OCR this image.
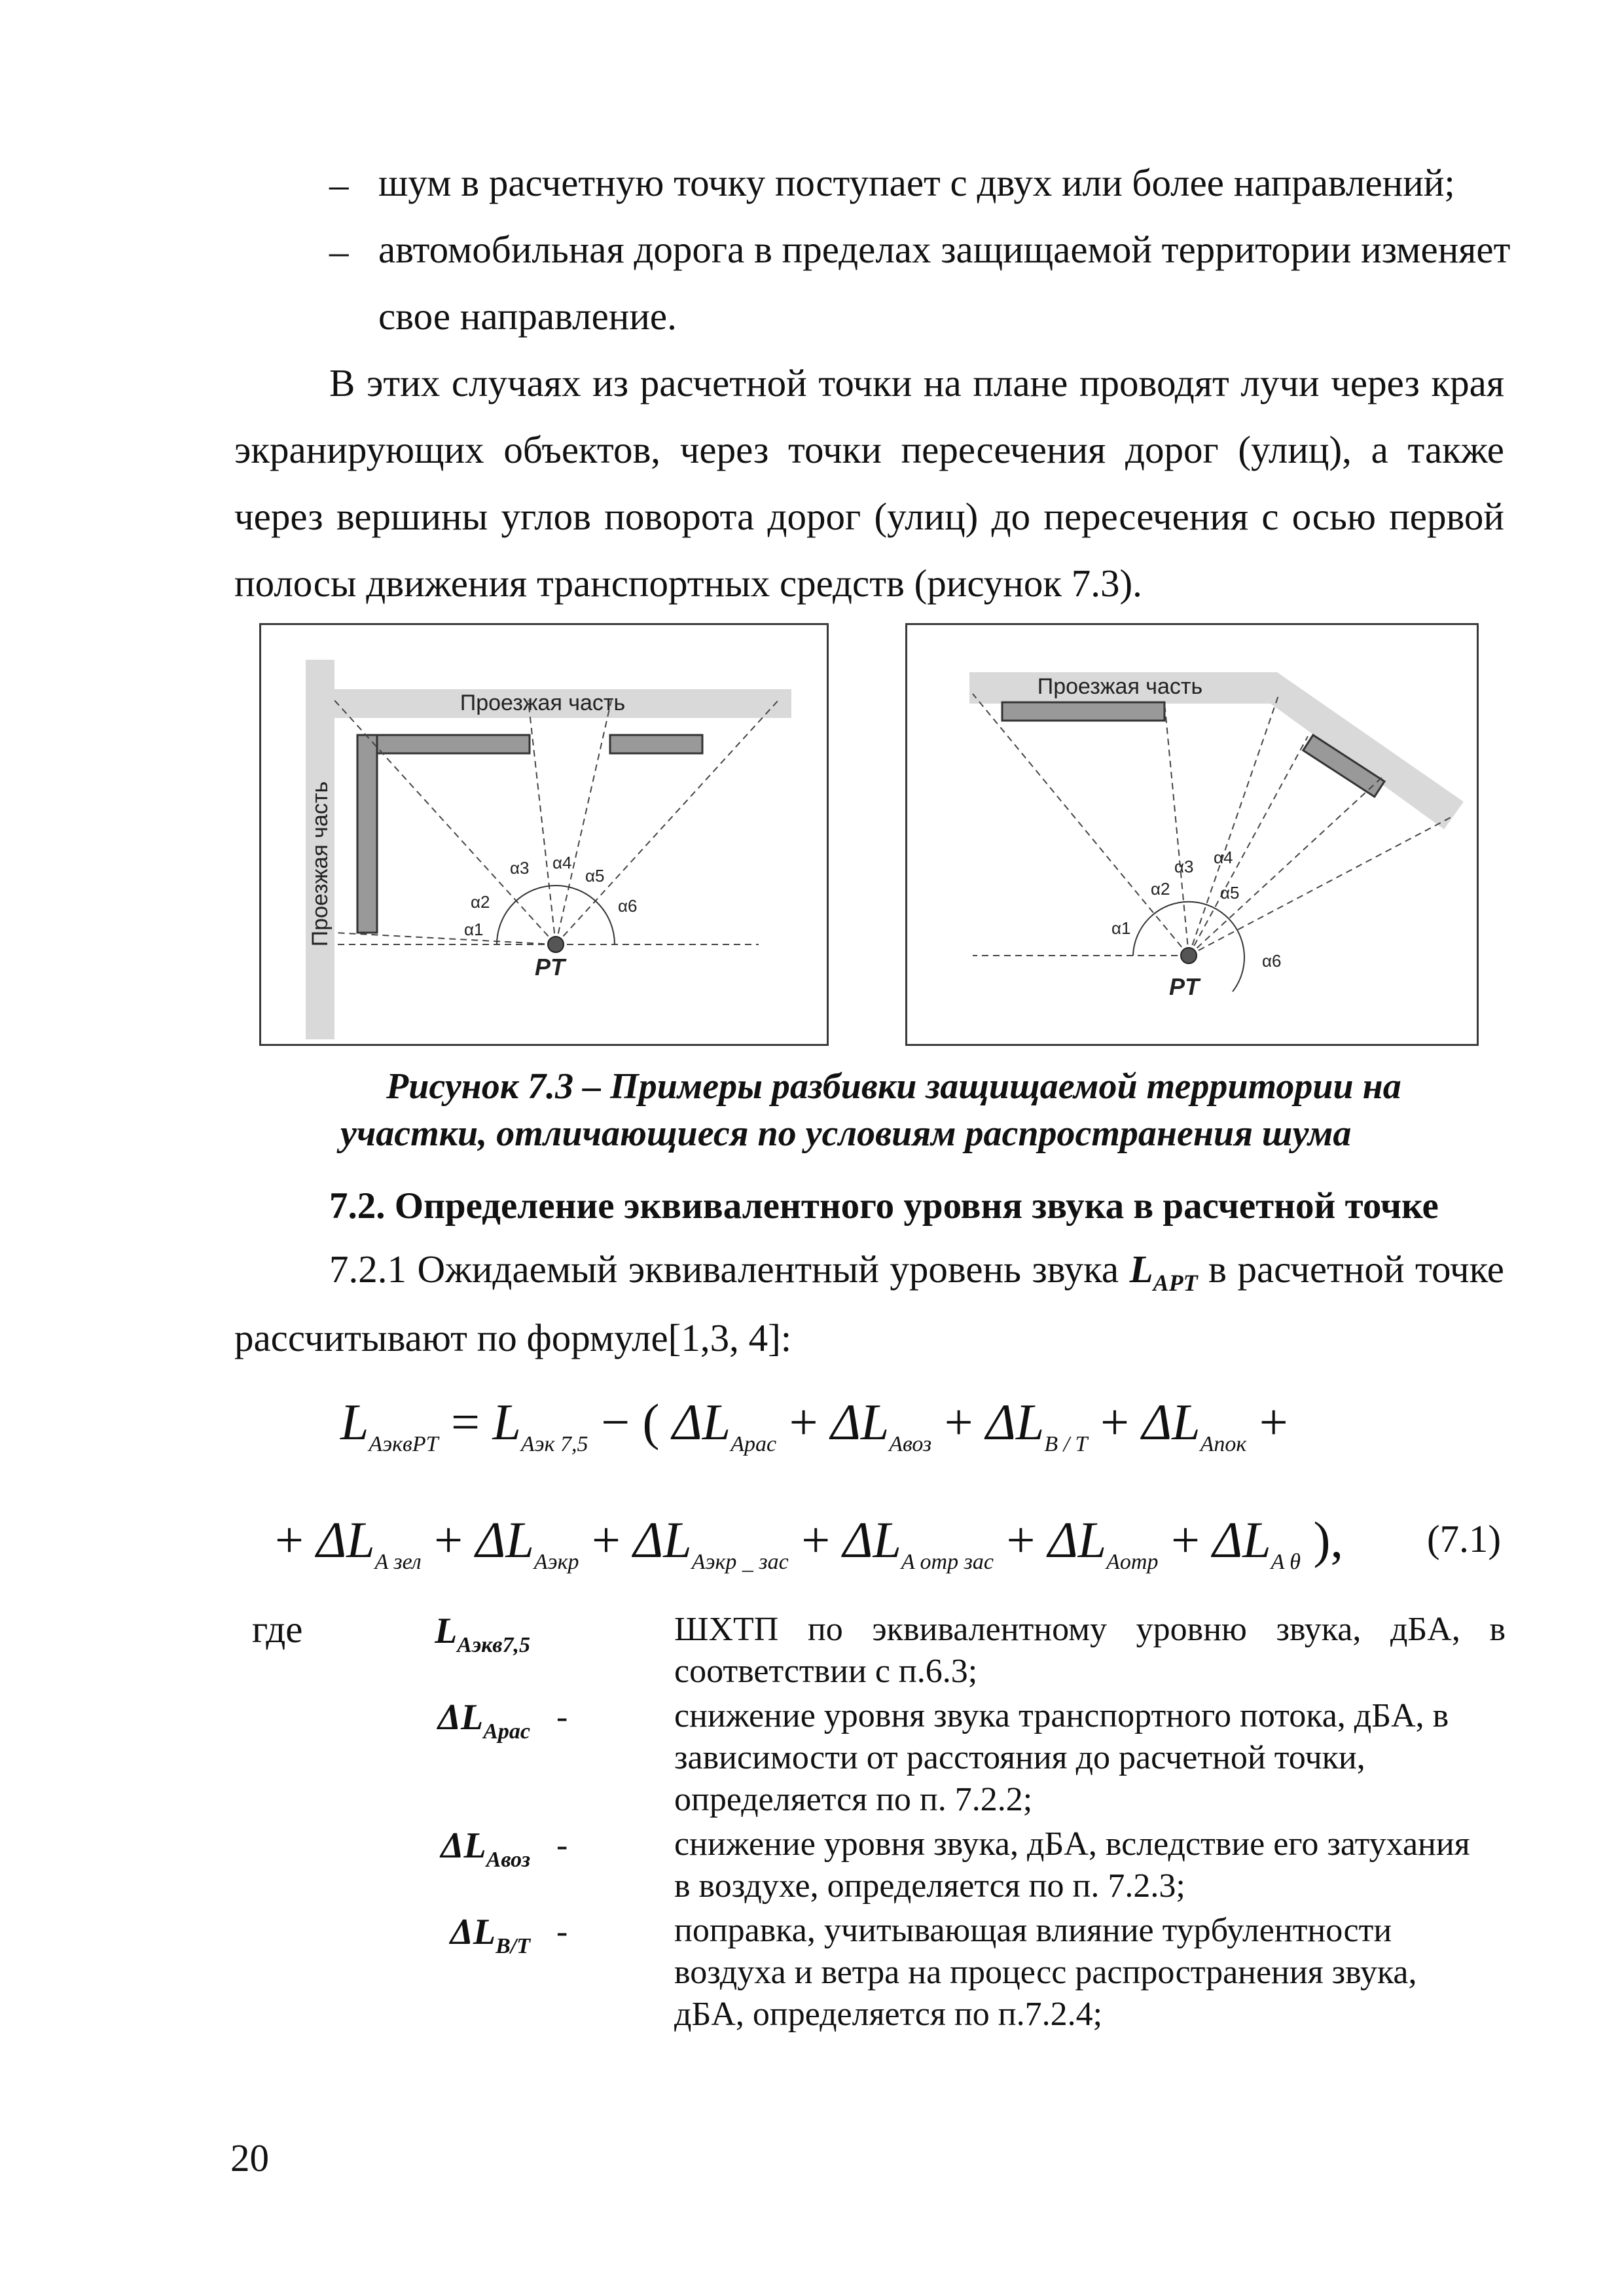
– шум в расчетную точку поступает с двух или более направлений;
– автомобильная дорога в пределах защищаемой территории изменяет
свое направление.
В этих случаях из расчетной точки на плане проводят лучи через края
экранирующих объектов, через точки пересечения дорог (улиц), а также
через вершины углов поворота дорог (улиц) до пересечения с осью первой
полосы движения транспортных средств (рисунок 7.3).
Проезжая часть
Проезжая часть
PT
α1
α2
α3 α4
α5
α6
Проезжая часть
PT
α1
α2
α3 α4
α5
α6
Рисунок 7.3 – Примеры разбивки защищаемой территории на
участки, отличающиеся по условиям распространения шума
7.2. Определение эквивалентного уровня звука в расчетной точке
7.2.1 Ожидаемый эквивалентный уровень звука $L_{APT}$ в расчетной точке
рассчитывают по формуле[1,3, 4]:
$L_{AэквPT} = L_{Aэк 7,5}$ − ( $\Delta L_{Aрас} + \Delta L_{Aвоз} + \Delta L_{B / T} + \Delta L_{Aпок}$ +
+ $\Delta L_{A зел} + \Delta L_{Aэкр} + \Delta L_{Aэкр \_ зас} + \Delta L_{A отр зас} + \Delta L_{Aотр} + \Delta L_{A \theta}$ ), (7.1)
где	$L_{Aэкв7,5}$	ШХТП по эквивалентному уровню звука, дБA, в
соответствии с п.6.3;
$\Delta L_{Aрас}$ -	снижение уровня звука транспортного потока, дБA, в
зависимости от расстояния до расчетной точки,
определяется по п. 7.2.2;
$\Delta L_{Aвоз}$ -	снижение уровня звука, дБA, вследствие его затухания
в воздухе, определяется по п. 7.2.3;
$\Delta L_{B/T}$ -	поправка, учитывающая влияние турбулентности
воздуха и ветра на процесс распространения звука,
дБA, определяется по п.7.2.4;
20
